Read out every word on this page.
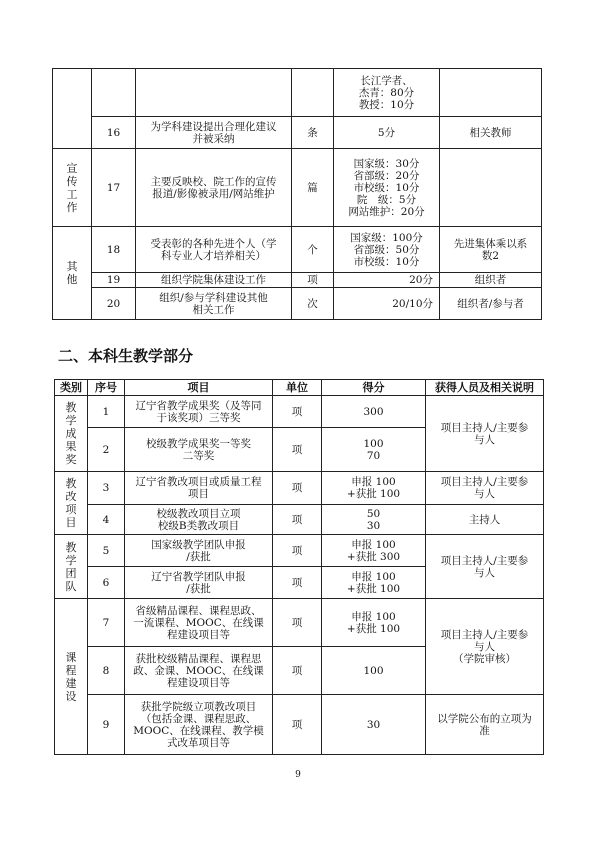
				长江学者、
杰青：80分
教授：10分	

	16	为学科建设提出合理化建议
并被采纳	条	5分	相关教师

宣
传
工
作	17	主要反映校、院工作的宣传
报道/影像被录用/网站维护	篇	国家级：30分
省部级：20分
市校级：10分
院　级：5分
网站维护：20分	

其
他	18	受表彰的各种先进个人（学
科专业人才培养相关）	个	国家级：100分
省部级：50分
市校级：10分	先进集体乘以系
数2

	19	组织学院集体建设工作	项	20分	组织者
	20	组织/参与学科建设其他
相关工作	次	20/10分	组织者/参与者
二、本科生教学部分
类别	序号	项目	单位	得分	获得人员及相关说明

教
学
成
果
奖	1	辽宁省教学成果奖（及等同
于该奖项）三等奖	项	300	项目主持人/主要参
与人

	2	校级教学成果奖一等奖
二等奖	项	100
70	

教
改
项
目	3	辽宁省教改项目或质量工程
项目	项	申报 100
+获批 100	项目主持人/主要参
与人

	4	校级教改项目立项
校级B类教改项目	项	50
30	主持人

教
学
团
队	5	国家级教学团队申报
/获批	项	申报 100
+获批 300	项目主持人/主要参
与人

	6	辽宁省教学团队申报
/获批	项	申报 100
+获批 100	

课
程
建
设	7	省级精品课程、课程思政、
一流课程、MOOC、在线课
程建设项目等	项	申报 100
+获批 100	项目主持人/主要参
与人
（学院审核）

	8	获批校级精品课程、课程思
政、金课、MOOC、在线课
程建设项目等	项	100	
	9	获批学院级立项教改项目
（包括金课、课程思政、
MOOC、在线课程、教学模
式改革项目等	项	30	以学院公布的立项为
准
9
